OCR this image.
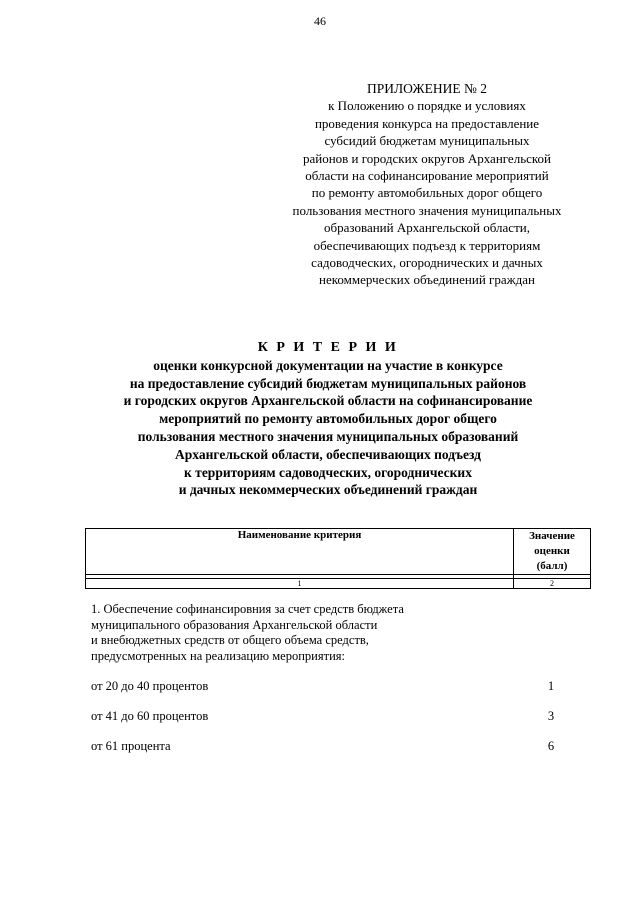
46
ПРИЛОЖЕНИЕ № 2
к Положению о порядке и условиях
проведения конкурса на предоставление
субсидий бюджетам муниципальных
районов и городских округов Архангельской
области на софинансирование мероприятий
по ремонту автомобильных дорог общего
пользования местного значения муниципальных
образований Архангельской области,
обеспечивающих подъезд к территориям
садоводческих, огороднических и дачных
некоммерческих объединений граждан
К Р И Т Е Р И И
оценки конкурсной документации на участие в конкурсе
на предоставление субсидий бюджетам муниципальных районов
и городских округов Архангельской области на софинансирование
мероприятий по ремонту автомобильных дорог общего
пользования местного значения муниципальных образований
Архангельской области, обеспечивающих подъезд
к территориям садоводческих, огороднических
и дачных некоммерческих объединений граждан
Наименование критерия	Значение
оценки
(балл)

1	2
1. Обеспечение софинансировния за счет средств бюджета
муниципального образования Архангельской области
и внебюджетных средств от общего объема средств,
предусмотренных на реализацию мероприятия:
от 20 до 40 процентов	1
от 41 до 60 процентов	3
от 61 процента	6
